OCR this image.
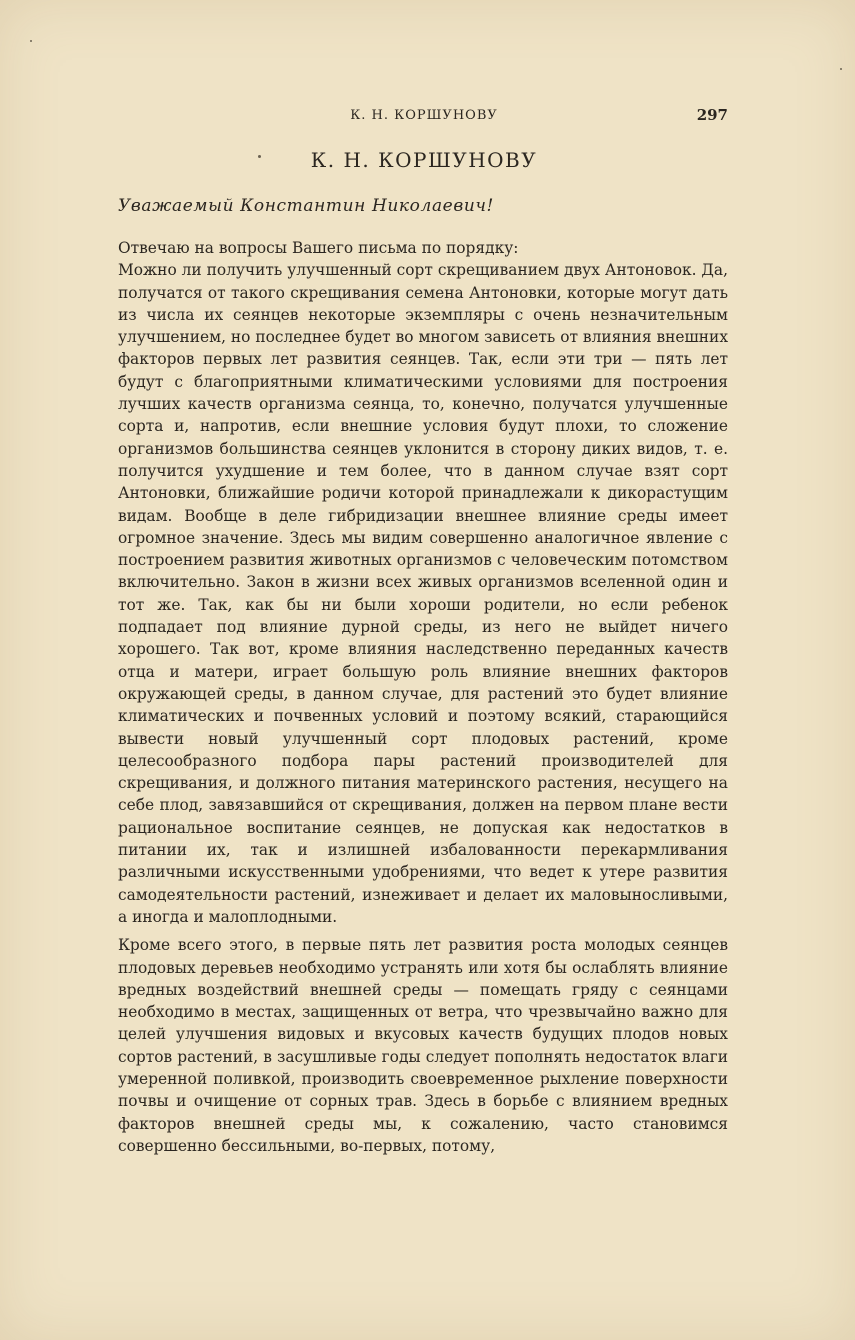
К. Н. КОРШУНОВУ	297
К. Н. КОРШУНОВУ
Уважаемый Константин Николаевич!

Отвечаю на вопросы Вашего письма по порядку:

Можно ли получить улучшенный сорт скрещиванием двух Антоновок. Да, получатся от такого скрещивания семена Антоновки, которые могут дать из числа их сеянцев некоторые экземпляры с очень незначительным улучшением, но последнее будет во многом зависеть от влияния внешних факторов первых лет развития сеянцев. Так, если эти три — пять лет будут с благоприятными климатическими условиями для построения лучших качеств организма сеянца, то, конечно, получатся улучшенные сорта и, напротив, если внешние условия будут плохи, то сложение организмов большинства сеянцев уклонится в сторону диких видов, т. е. получится ухудшение и тем более, что в данном случае взят сорт Антоновки, ближайшие родичи которой принадлежали к дикорастущим видам. Вообще в деле гибридизации внешнее влияние среды имеет огромное значение. Здесь мы видим совершенно аналогичное явление с построением развития животных организмов с человеческим потомством включительно. Закон в жизни всех живых организмов вселенной один и тот же. Так, как бы ни были хороши родители, но если ребенок подпадает под влияние дурной среды, из него не выйдет ничего хорошего. Так вот, кроме влияния наследственно переданных качеств отца и матери, играет большую роль влияние внешних факторов окружающей среды, в данном случае, для растений это будет влияние климатических и почвенных условий и поэтому всякий, старающийся вывести новый улучшенный сорт плодовых растений, кроме целесообразного подбора пары растений производителей для скрещивания, и должного питания материнского растения, несущего на себе плод, завязавшийся от скрещивания, должен на первом плане вести рациональное воспитание сеянцев, не допуская как недостатков в питании их, так и излишней избалованности перекармливания различными искусственными удобрениями, что ведет к утере развития самодеятельности растений, изнеживает и делает их маловыносливыми, а иногда и малоплодными.

Кроме всего этого, в первые пять лет развития роста молодых сеянцев плодовых деревьев необходимо устранять или хотя бы ослаблять влияние вредных воздействий внешней среды — помещать гряду с сеянцами необходимо в местах, защищенных от ветра, что чрезвычайно важно для целей улучшения видовых и вкусовых качеств будущих плодов новых сортов растений, в засушливые годы следует пополнять недостаток влаги умеренной поливкой, производить своевременное рыхление поверхности почвы и очищение от сорных трав. Здесь в борьбе с влиянием вредных факторов внешней среды мы, к сожалению, часто становимся совершенно бессильными, во-первых, потому,
